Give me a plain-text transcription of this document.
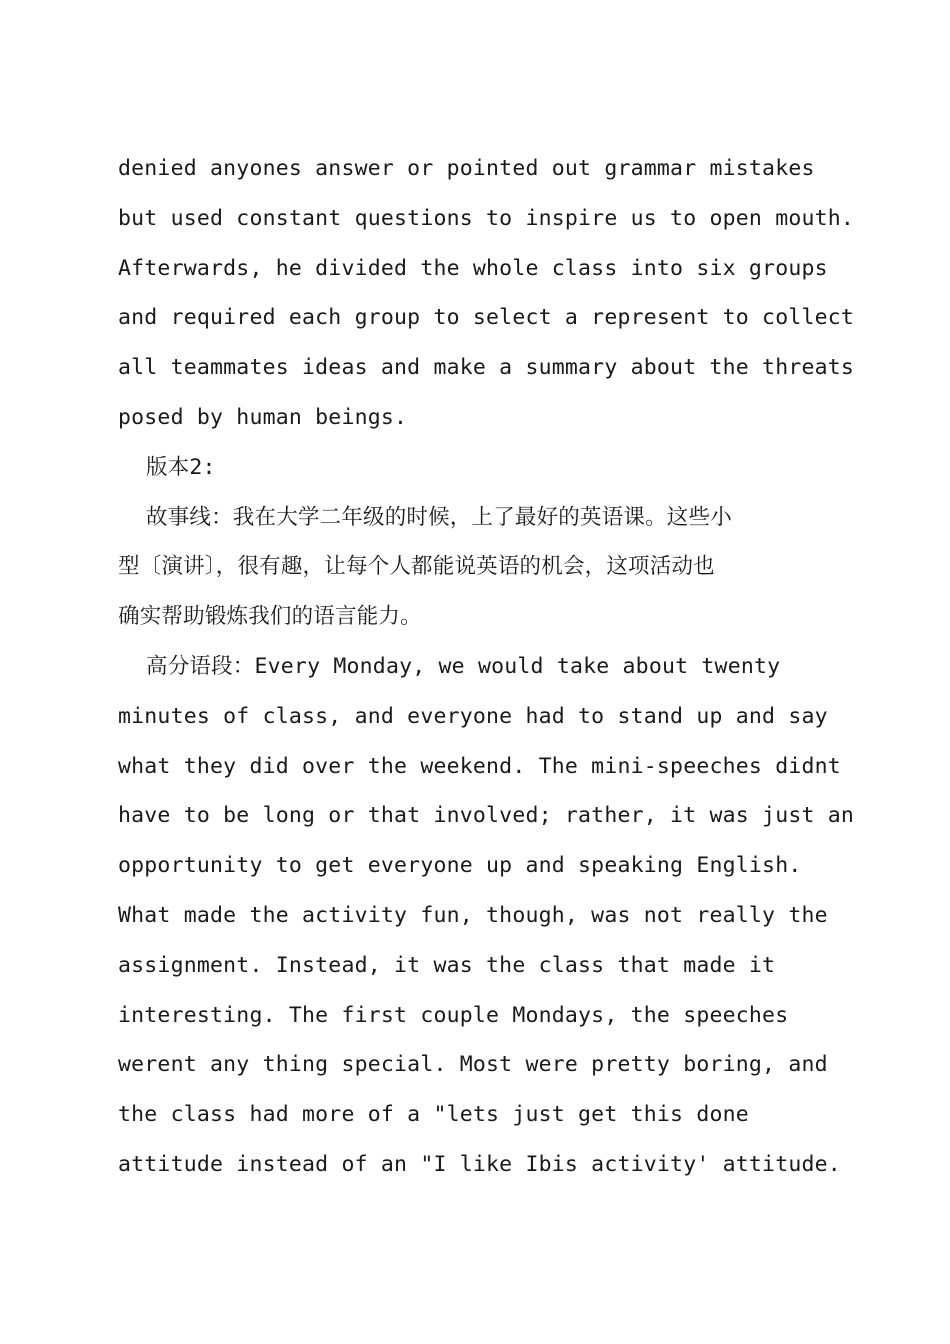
denied anyones answer or pointed out grammar mistakes
but used constant questions to inspire us to open mouth.
Afterwards, he divided the whole class into six groups
and required each group to select a represent to collect
all teammates ideas and make a summary about the threats
posed by human beings.
版本2:
故事线：我在大学二年级的时候，上了最好的英语课。这些小
型〔演讲〕，很有趣，让每个人都能说英语的机会，这项活动也
确实帮助锻炼我们的语言能力。
高分语段：Every Monday, we would take about twenty
minutes of class, and everyone had to stand up and say
what they did over the weekend. The mini-speeches didnt
have to be long or that involved; rather, it was just an
opportunity to get everyone up and speaking English.
What made the activity fun, though, was not really the
assignment. Instead, it was the class that made it
interesting. The first couple Mondays, the speeches
werent any thing special. Most were pretty boring, and
the class had more of a "lets just get this done
attitude instead of an "I like Ibis activity' attitude.
